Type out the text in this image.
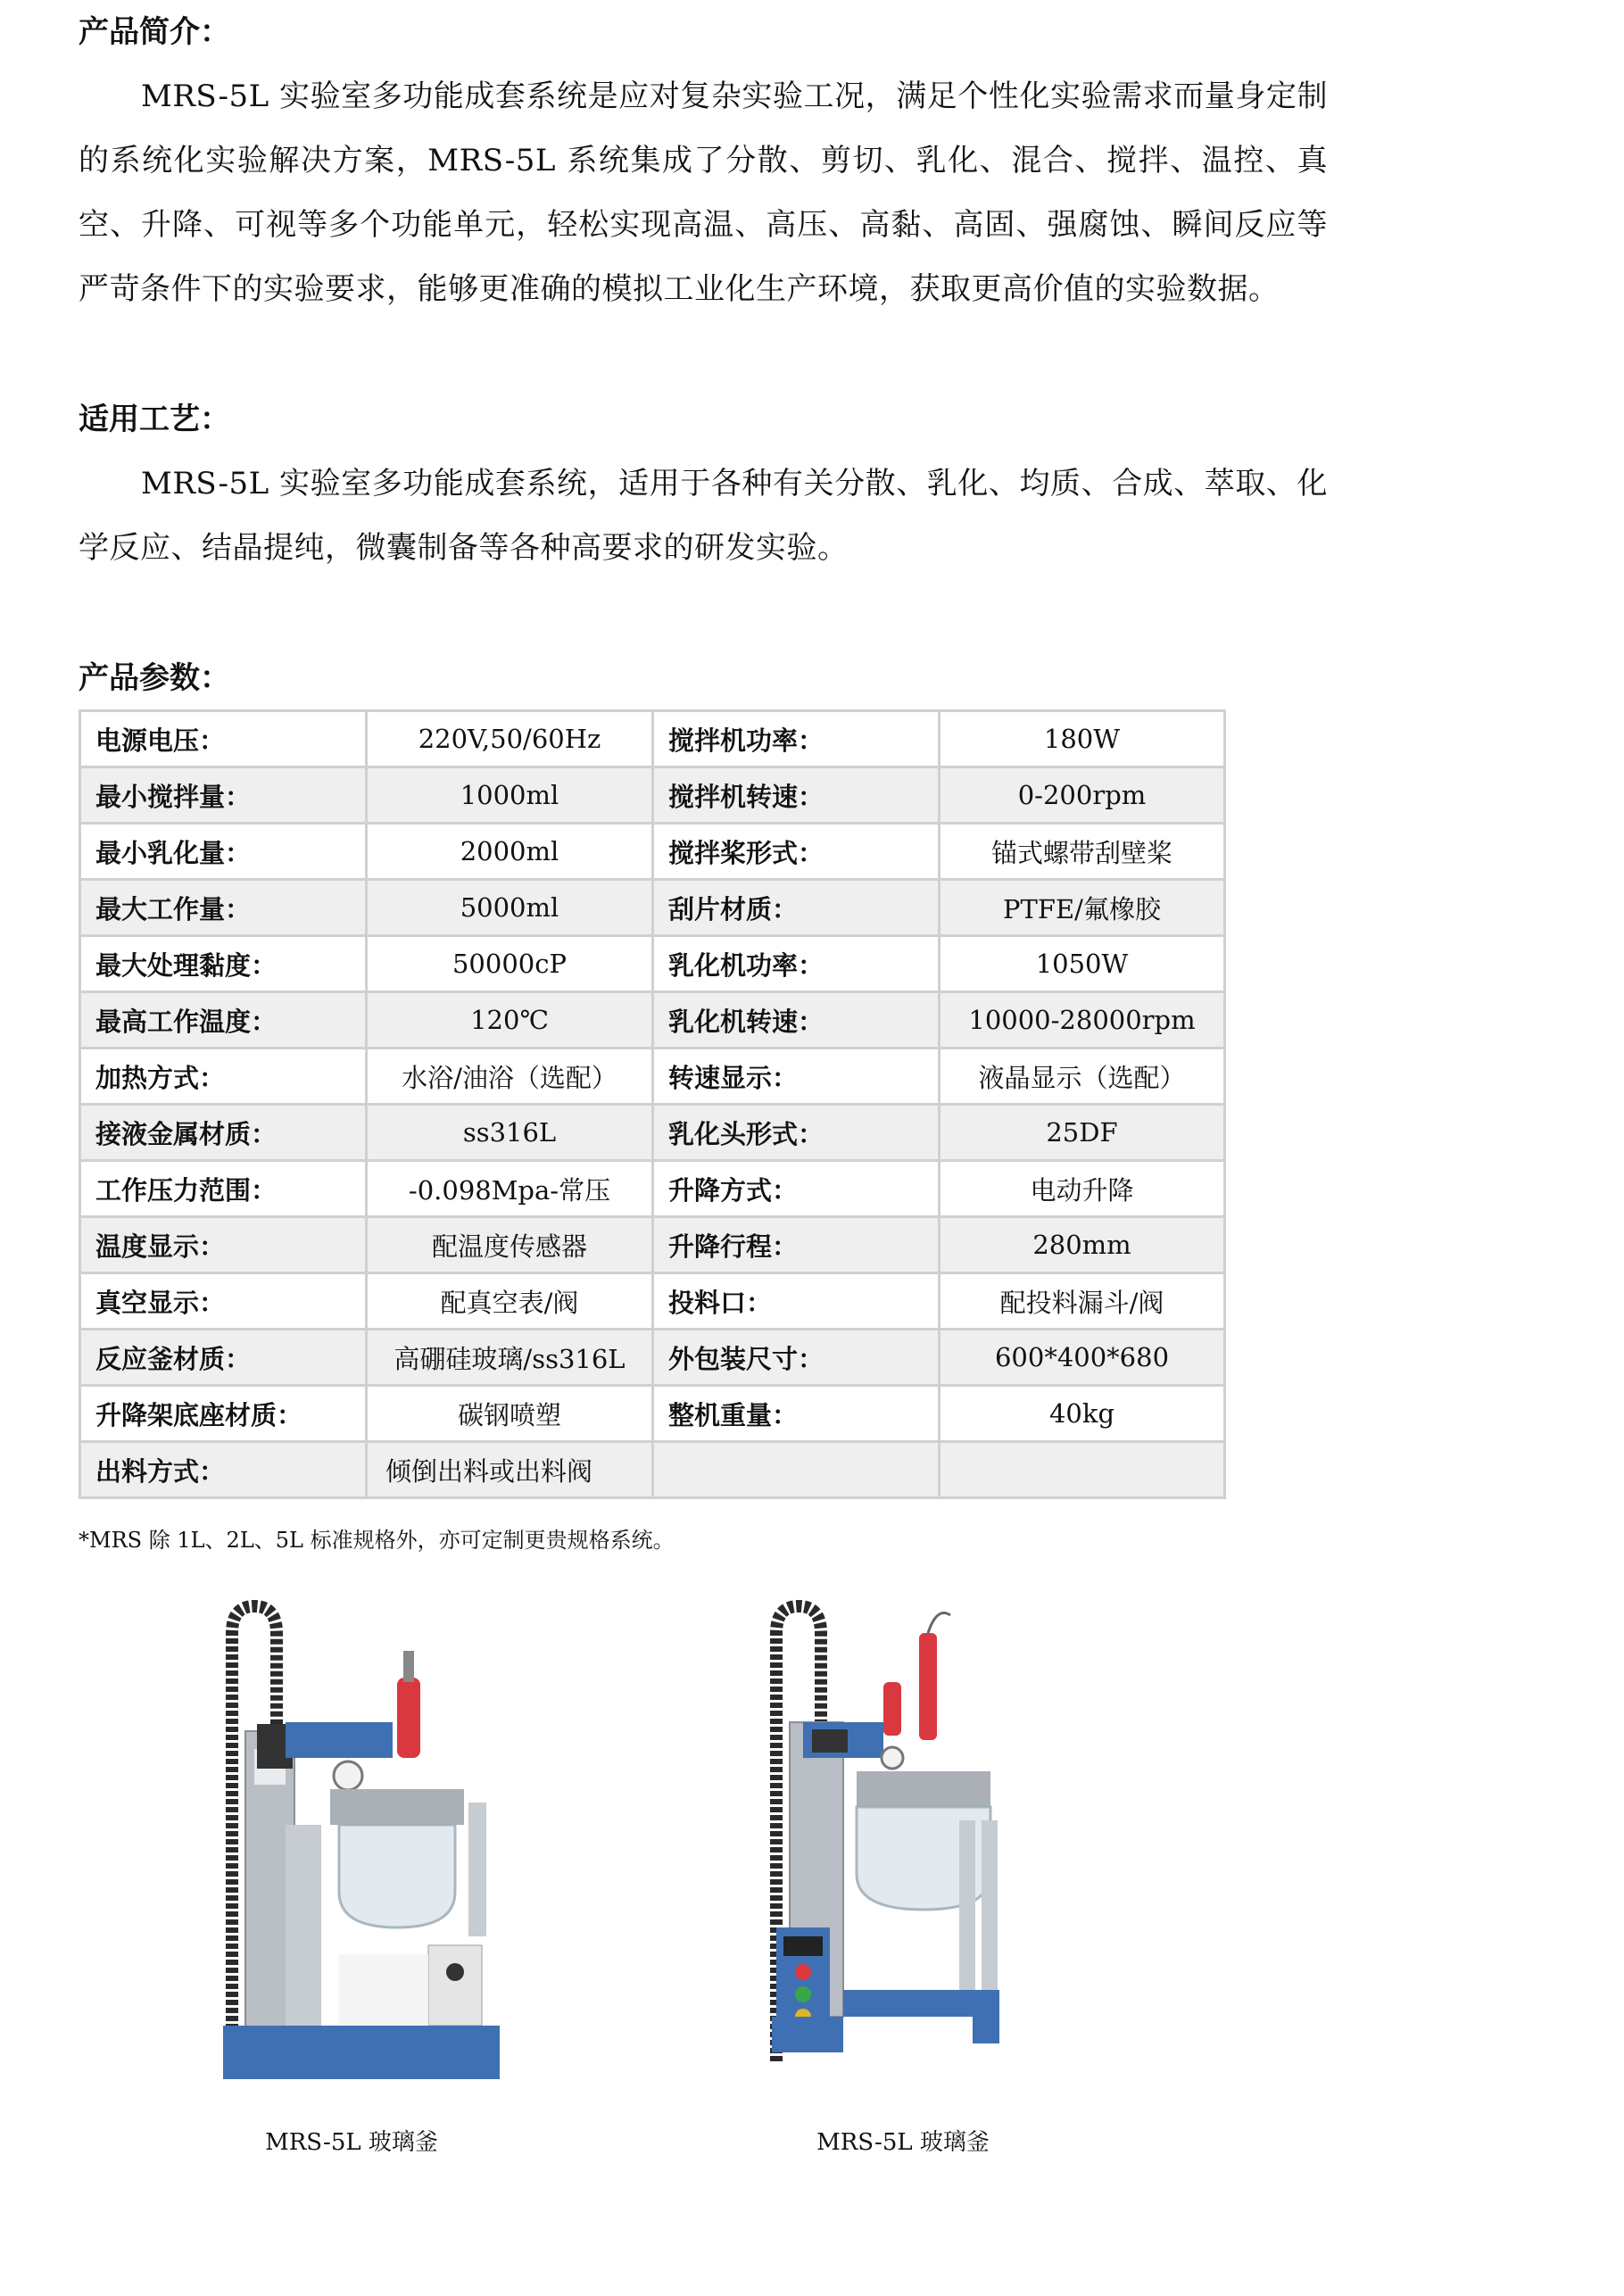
产品简介：
MRS-5L 实验室多功能成套系统是应对复杂实验工况，满足个性化实验需求而量身定制的系统化实验解决方案，MRS-5L 系统集成了分散、剪切、乳化、混合、搅拌、温控、真空、升降、可视等多个功能单元，轻松实现高温、高压、高黏、高固、强腐蚀、瞬间反应等严苛条件下的实验要求，能够更准确的模拟工业化生产环境，获取更高价值的实验数据。
适用工艺：
MRS-5L 实验室多功能成套系统，适用于各种有关分散、乳化、均质、合成、萃取、化学反应、结晶提纯，微囊制备等各种高要求的研发实验。
产品参数：
电源电压：	220V,50/60Hz	搅拌机功率：	180W
最小搅拌量：	1000ml	搅拌机转速：	0-200rpm
最小乳化量：	2000ml	搅拌桨形式：	锚式螺带刮壁桨
最大工作量：	5000ml	刮片材质：	PTFE/氟橡胶
最大处理黏度：	50000cP	乳化机功率：	1050W
最高工作温度：	120℃	乳化机转速：	10000-28000rpm
加热方式：	水浴/油浴（选配）	转速显示：	液晶显示（选配）
接液金属材质：	ss316L	乳化头形式：	25DF
工作压力范围：	-0.098Mpa-常压	升降方式：	电动升降
温度显示：	配温度传感器	升降行程：	280mm
真空显示：	配真空表/阀	投料口：	配投料漏斗/阀
反应釜材质：	高硼硅玻璃/ss316L	外包装尺寸：	600*400*680
升降架底座材质：	碳钢喷塑	整机重量：	40kg
出料方式：	倾倒出料或出料阀		
*MRS 除 1L、2L、5L 标准规格外，亦可定制更贵规格系统。
MRS-5L 玻璃釜	MRS-5L 玻璃釜
